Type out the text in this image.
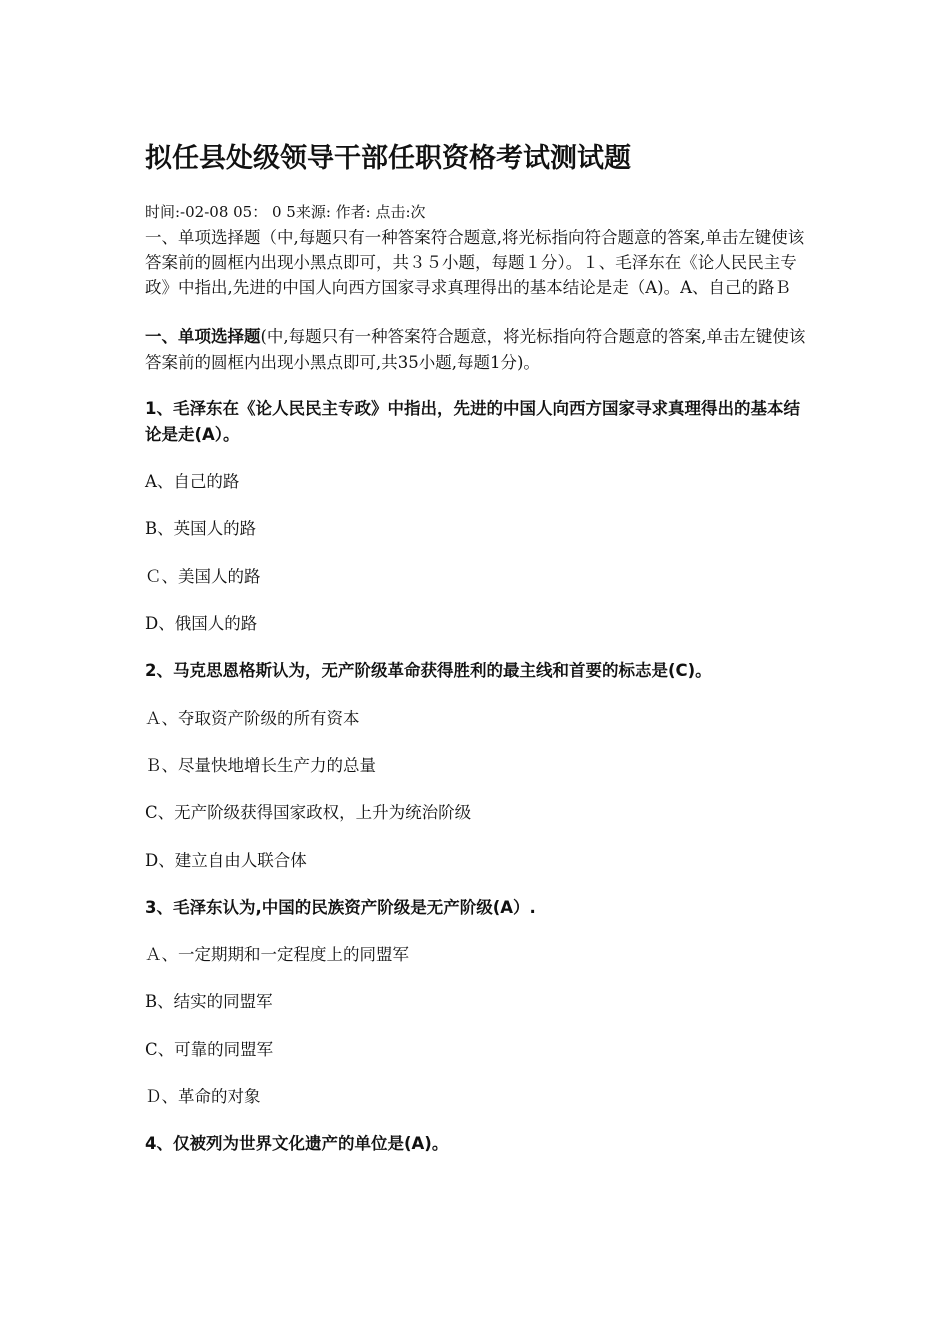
拟任县处级领导干部任职资格考试测试题
时间:-02-08 05： 0 5来源: 作者: 点击:次
一、单项选择题（中,每题只有一种答案符合题意,将光标指向符合题意的答案,单击左键使该答案前的圆框内出现小黑点即可，共３５小题，每题１分）。１、毛泽东在《论人民民主专政》中指出,先进的中国人向西方国家寻求真理得出的基本结论是走（A)。A、自己的路Ｂ
一、单项选择题(中,每题只有一种答案符合题意，将光标指向符合题意的答案,单击左键使该答案前的圆框内出现小黑点即可,共35小题,每题1分)。
1、毛泽东在《论人民民主专政》中指出，先进的中国人向西方国家寻求真理得出的基本结论是走(A）。
A、自己的路
B、英国人的路
Ｃ、美国人的路
D、俄国人的路
2、马克思恩格斯认为，无产阶级革命获得胜利的最主线和首要的标志是(C)。
Ａ、夺取资产阶级的所有资本
Ｂ、尽量快地增长生产力的总量
C、无产阶级获得国家政权，上升为统治阶级
D、建立自由人联合体
3、毛泽东认为,中国的民族资产阶级是无产阶级(A）.
Ａ、一定期期和一定程度上的同盟军
B、结实的同盟军
C、可靠的同盟军
Ｄ、革命的对象
4、仅被列为世界文化遗产的单位是(A)。
